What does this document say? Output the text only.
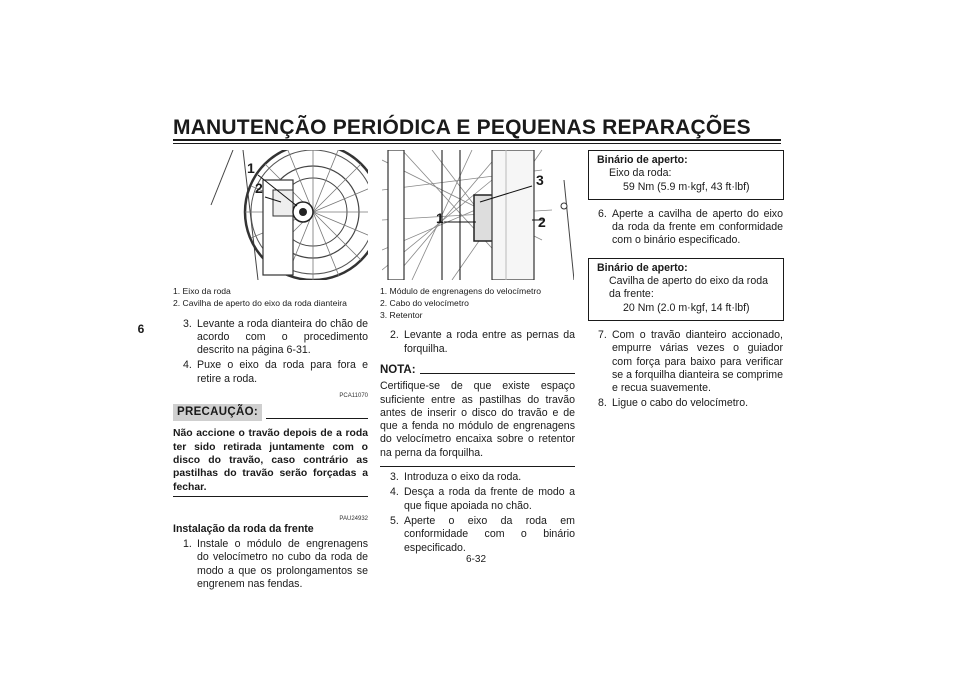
MANUTENÇÃO PERIÓDICA E PEQUENAS REPARAÇÕES
6
1
2
1. Eixo da roda
2. Cavilha de aperto do eixo da roda dianteira
3. Levante a roda dianteira do chão de acordo com o procedimento descrito na página 6-31.
4. Puxe o eixo da roda para fora e retire a roda.
PCA11070
PRECAUÇÃO:
Não accione o travão depois de a roda ter sido retirada juntamente com o disco do travão, caso contrário as pastilhas do travão serão forçadas a fechar.
PAU24932
Instalação da roda da frente
1. Instale o módulo de engrenagens do velocímetro no cubo da roda de modo a que os prolongamentos se engrenem nas fendas.
1	2
3
1. Módulo de engrenagens do velocímetro
2. Cabo do velocímetro
3. Retentor
2. Levante a roda entre as pernas da forquilha.
NOTA:
Certifique-se de que existe espaço suficiente entre as pastilhas do travão antes de inserir o disco do travão e de que a fenda no módulo de engrenagens do velocímetro encaixa sobre o retentor na perna da forquilha.
3. Introduza o eixo da roda.
4. Desça a roda da frente de modo a que fique apoiada no chão.
5. Aperte o eixo da roda em conformidade com o binário especificado.
Binário de aperto:
Eixo da roda:
59 Nm (5.9 m·kgf, 43 ft·lbf)
6. Aperte a cavilha de aperto do eixo da roda da frente em conformidade com o binário especificado.
Binário de aperto:
Cavilha de aperto do eixo da roda da frente:
20 Nm (2.0 m·kgf, 14 ft·lbf)
7. Com o travão dianteiro accionado, empurre várias vezes o guiador com força para baixo para verificar se a forquilha dianteira se comprime e recua suavemente.
8. Ligue o cabo do velocímetro.
6-32
